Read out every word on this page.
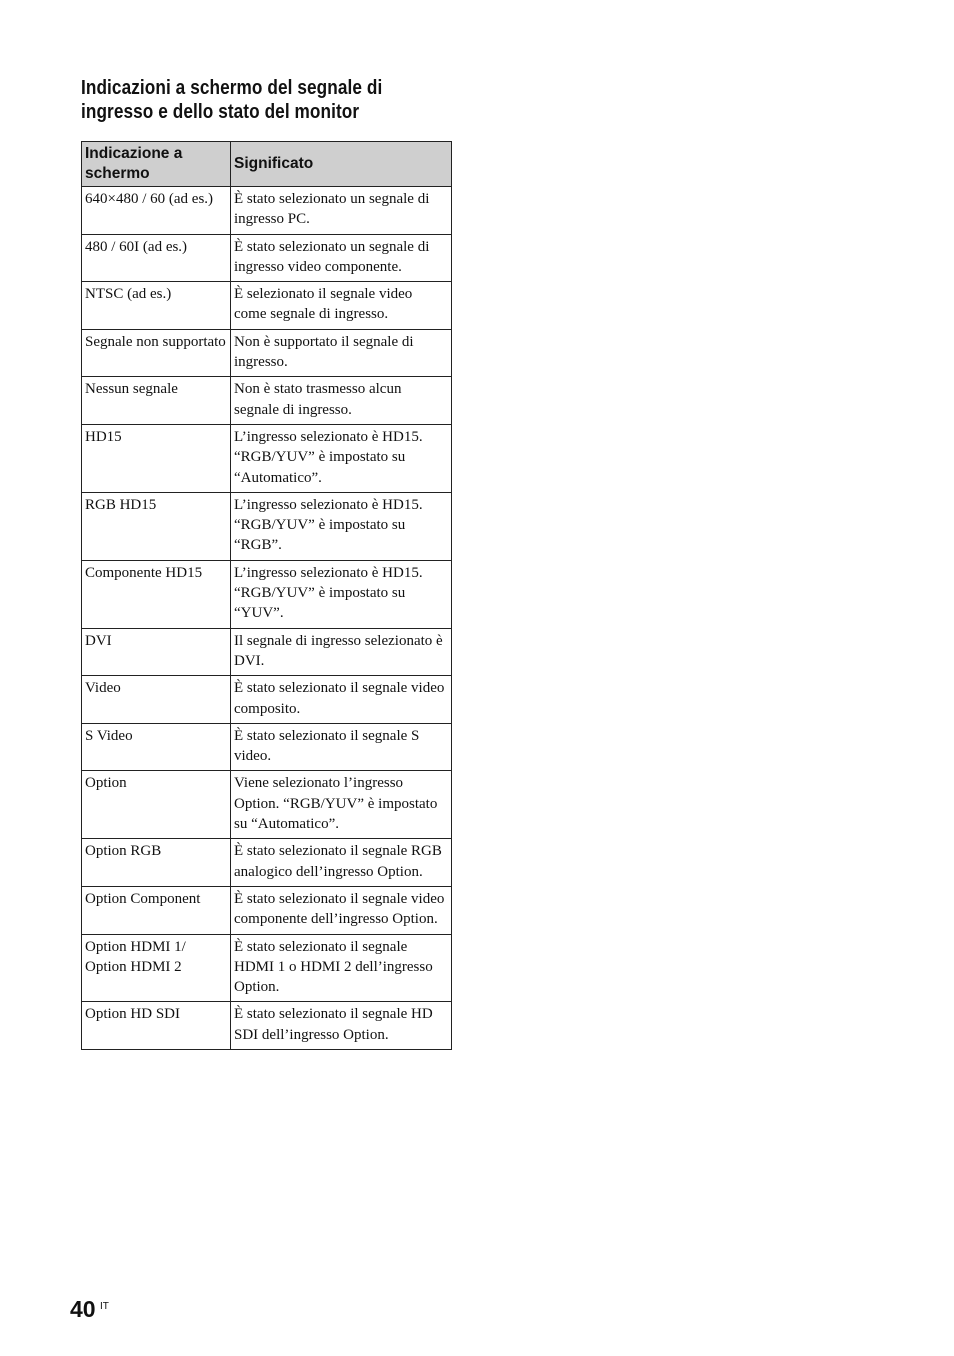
Indicazioni a schermo del segnale di
ingresso e dello stato del monitor
Indicazione a schermo	Significato
640×480 / 60 (ad es.)	È stato selezionato un segnale di ingresso PC.
480 / 60I (ad es.)	È stato selezionato un segnale di ingresso video componente.
NTSC (ad es.)	È selezionato il segnale video come segnale di ingresso.
Segnale non supportato	Non è supportato il segnale di ingresso.
Nessun segnale	Non è stato trasmesso alcun segnale di ingresso.
HD15	L’ingresso selezionato è HD15. “RGB/YUV” è impostato su “Automatico”.
RGB HD15	L’ingresso selezionato è HD15. “RGB/YUV” è impostato su “RGB”.
Componente HD15	L’ingresso selezionato è HD15. “RGB/YUV” è impostato su “YUV”.
DVI	Il segnale di ingresso selezionato è DVI.
Video	È stato selezionato il segnale video composito.
S Video	È stato selezionato il segnale S video.
Option	Viene selezionato l’ingresso Option. “RGB/YUV” è impostato su “Automatico”.
Option RGB	È stato selezionato il segnale RGB analogico dell’ingresso Option.
Option Component	È stato selezionato il segnale video componente dell’ingresso Option.
Option HDMI 1/ Option HDMI 2	È stato selezionato il segnale HDMI 1 o HDMI 2 dell’ingresso Option.
Option HD SDI	È stato selezionato il segnale HD SDI dell’ingresso Option.
40 IT
